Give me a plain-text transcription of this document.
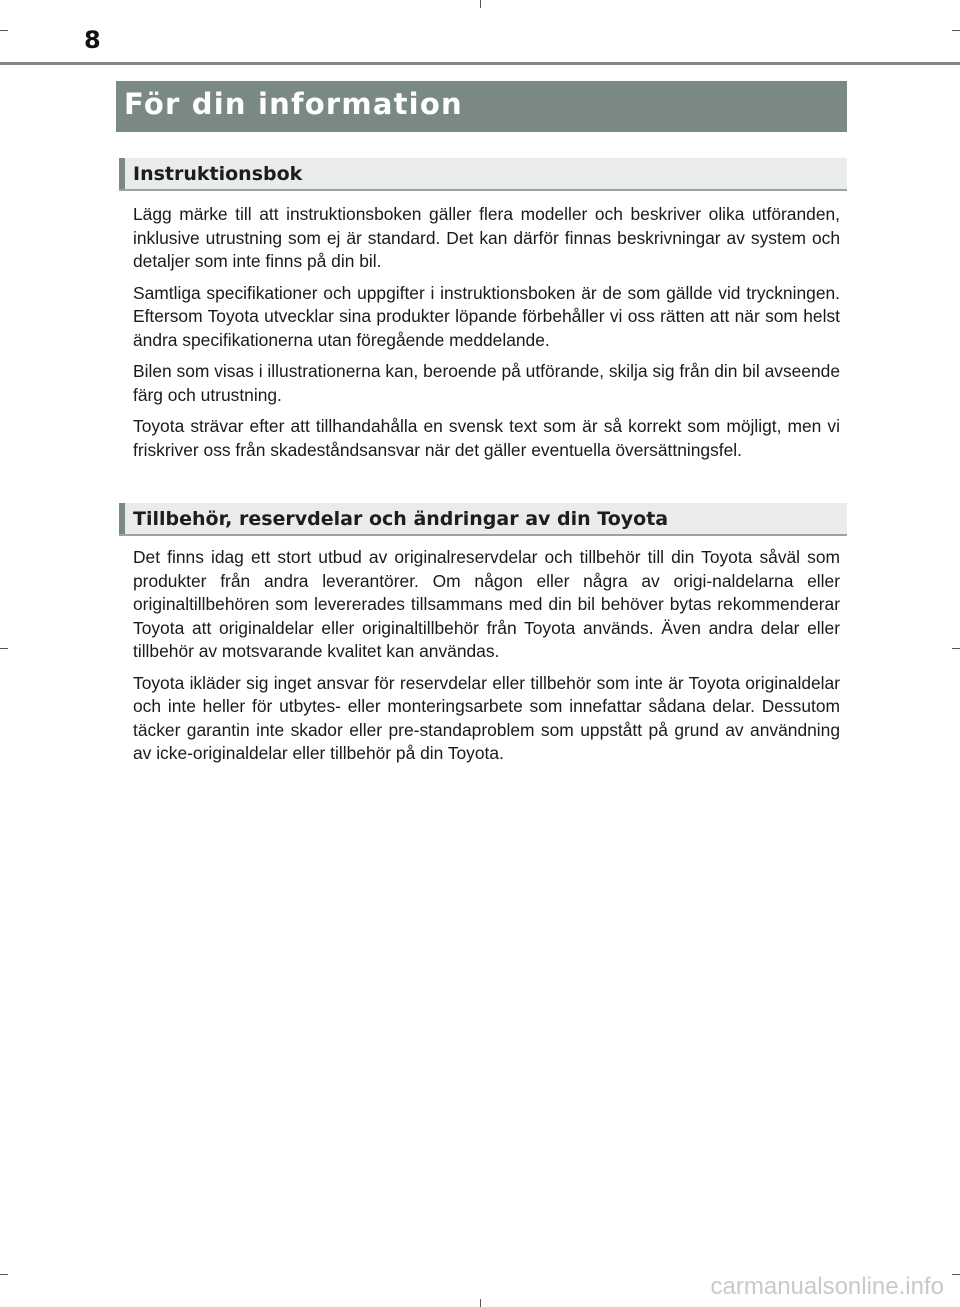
8
För din information
Instruktionsbok

Lägg märke till att instruktionsboken gäller flera modeller och beskriver olika utföranden, inklusive utrustning som ej är standard. Det kan därför finnas beskrivningar av system och detaljer som inte finns på din bil.

Samtliga specifikationer och uppgifter i instruktionsboken är de som gällde vid tryckningen. Eftersom Toyota utvecklar sina produkter löpande förbehåller vi oss rätten att när som helst ändra specifikationerna utan föregående meddelande.

Bilen som visas i illustrationerna kan, beroende på utförande, skilja sig från din bil avseende färg och utrustning.

Toyota strävar efter att tillhandahålla en svensk text som är så korrekt som möjligt, men vi friskriver oss från skadeståndsansvar när det gäller eventuella översättningsfel.

Tillbehör, reservdelar och ändringar av din Toyota

Det finns idag ett stort utbud av originalreservdelar och tillbehör till din Toyota såväl som produkter från andra leverantörer. Om någon eller några av origi-naldelarna eller originaltillbehören som levererades tillsammans med din bil behöver bytas rekommenderar Toyota att originaldelar eller originaltillbehör från Toyota används. Även andra delar eller tillbehör av motsvarande kvalitet kan användas.

Toyota ikläder sig inget ansvar för reservdelar eller tillbehör som inte är Toyota originaldelar och inte heller för utbytes- eller monteringsarbete som innefattar sådana delar. Dessutom täcker garantin inte skador eller pre-standaproblem som uppstått på grund av användning av icke-originaldelar eller tillbehör på din Toyota.

carmanualsonline.info
